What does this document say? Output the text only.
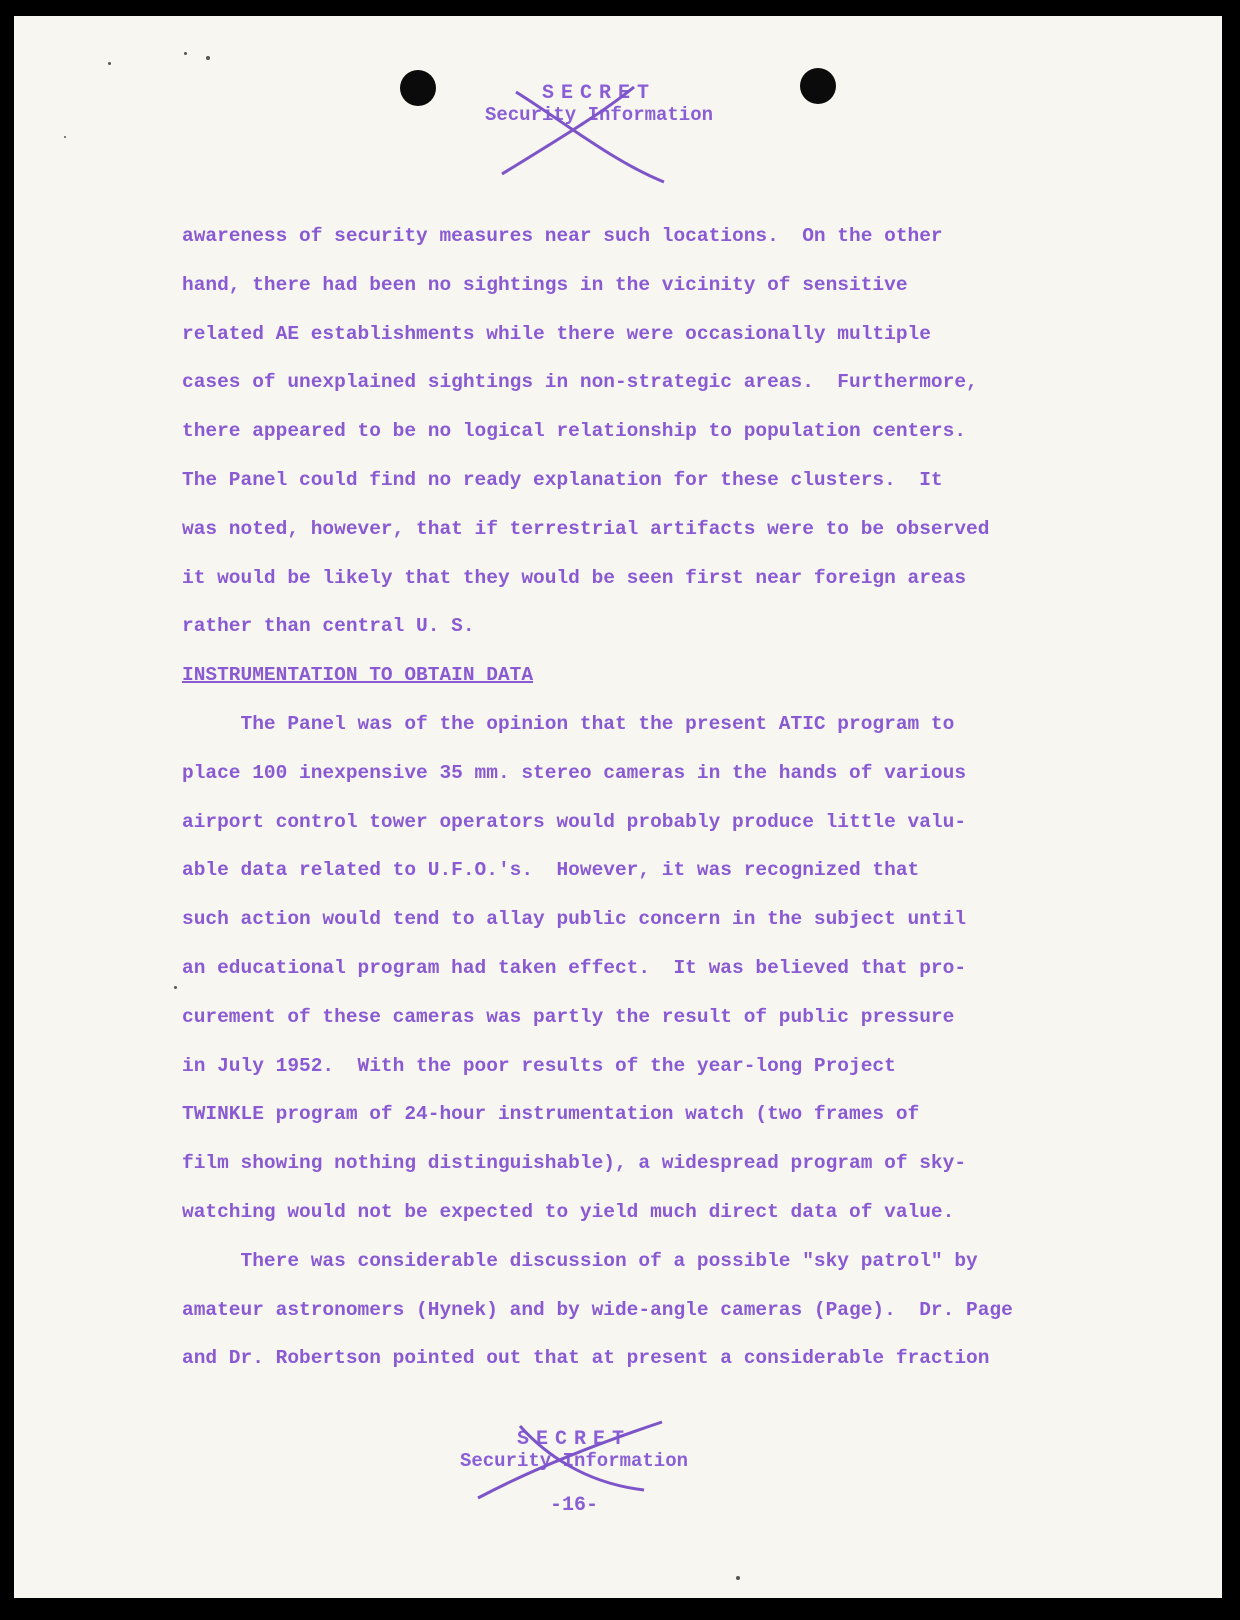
SECRET
Security Information
awareness of security measures near such locations.  On the other
hand, there had been no sightings in the vicinity of sensitive
related AE establishments while there were occasionally multiple
cases of unexplained sightings in non-strategic areas.  Furthermore,
there appeared to be no logical relationship to population centers.
The Panel could find no ready explanation for these clusters.  It
was noted, however, that if terrestrial artifacts were to be observed
it would be likely that they would be seen first near foreign areas
rather than central U. S.
INSTRUMENTATION TO OBTAIN DATA
The Panel was of the opinion that the present ATIC program to
place 100 inexpensive 35 mm. stereo cameras in the hands of various
airport control tower operators would probably produce little valu-
able data related to U.F.O.'s.  However, it was recognized that
such action would tend to allay public concern in the subject until
an educational program had taken effect.  It was believed that pro-
curement of these cameras was partly the result of public pressure
in July 1952.  With the poor results of the year-long Project
TWINKLE program of 24-hour instrumentation watch (two frames of
film showing nothing distinguishable), a widespread program of sky-
watching would not be expected to yield much direct data of value.
There was considerable discussion of a possible "sky patrol" by
amateur astronomers (Hynek) and by wide-angle cameras (Page).  Dr. Page
and Dr. Robertson pointed out that at present a considerable fraction
SECRET
Security Information
-16-
